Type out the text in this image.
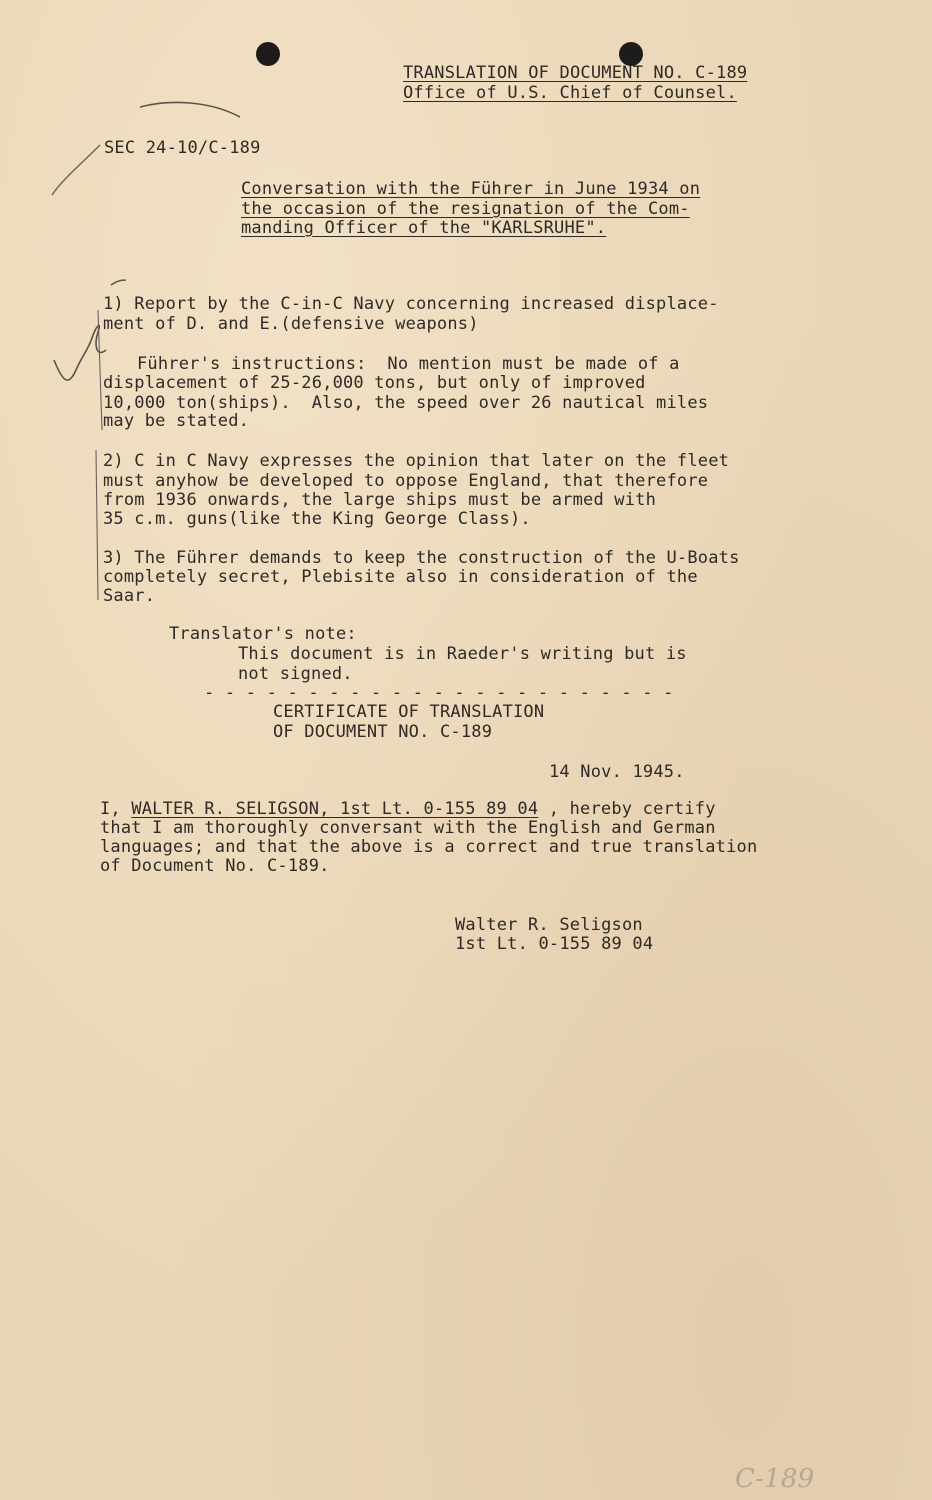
TRANSLATION OF DOCUMENT NO. C-189
Office of U.S. Chief of Counsel.
SEC 24-10/C-189
Conversation with the Führer in June 1934 on
the occasion of the resignation of the Com-
manding Officer of the "KARLSRUHE".
1) Report by the C-in-C Navy concerning increased displace-
ment of D. and E.(defensive weapons)
Führer's instructions:  No mention must be made of a
displacement of 25-26,000 tons, but only of improved
10,000 ton(ships).  Also, the speed over 26 nautical miles
may be stated.
2) C in C Navy expresses the opinion that later on the fleet
must anyhow be developed to oppose England, that therefore
from 1936 onwards, the large ships must be armed with
35 c.m. guns(like the King George Class).
3) The Führer demands to keep the construction of the U-Boats
completely secret, Plebisite also in consideration of the
Saar.
Translator's note:
This document is in Raeder's writing but is
not signed.
- - - - - - - - - - - - - - - - - - - - - - -
CERTIFICATE OF TRANSLATION
OF DOCUMENT NO. C-189
14 Nov. 1945.
I, WALTER R. SELIGSON, 1st Lt. 0-155 89 04 , hereby certify
that I am thoroughly conversant with the English and German
languages; and that the above is a correct and true translation
of Document No. C-189.
Walter R. Seligson
1st Lt. 0-155 89 04
C-189
